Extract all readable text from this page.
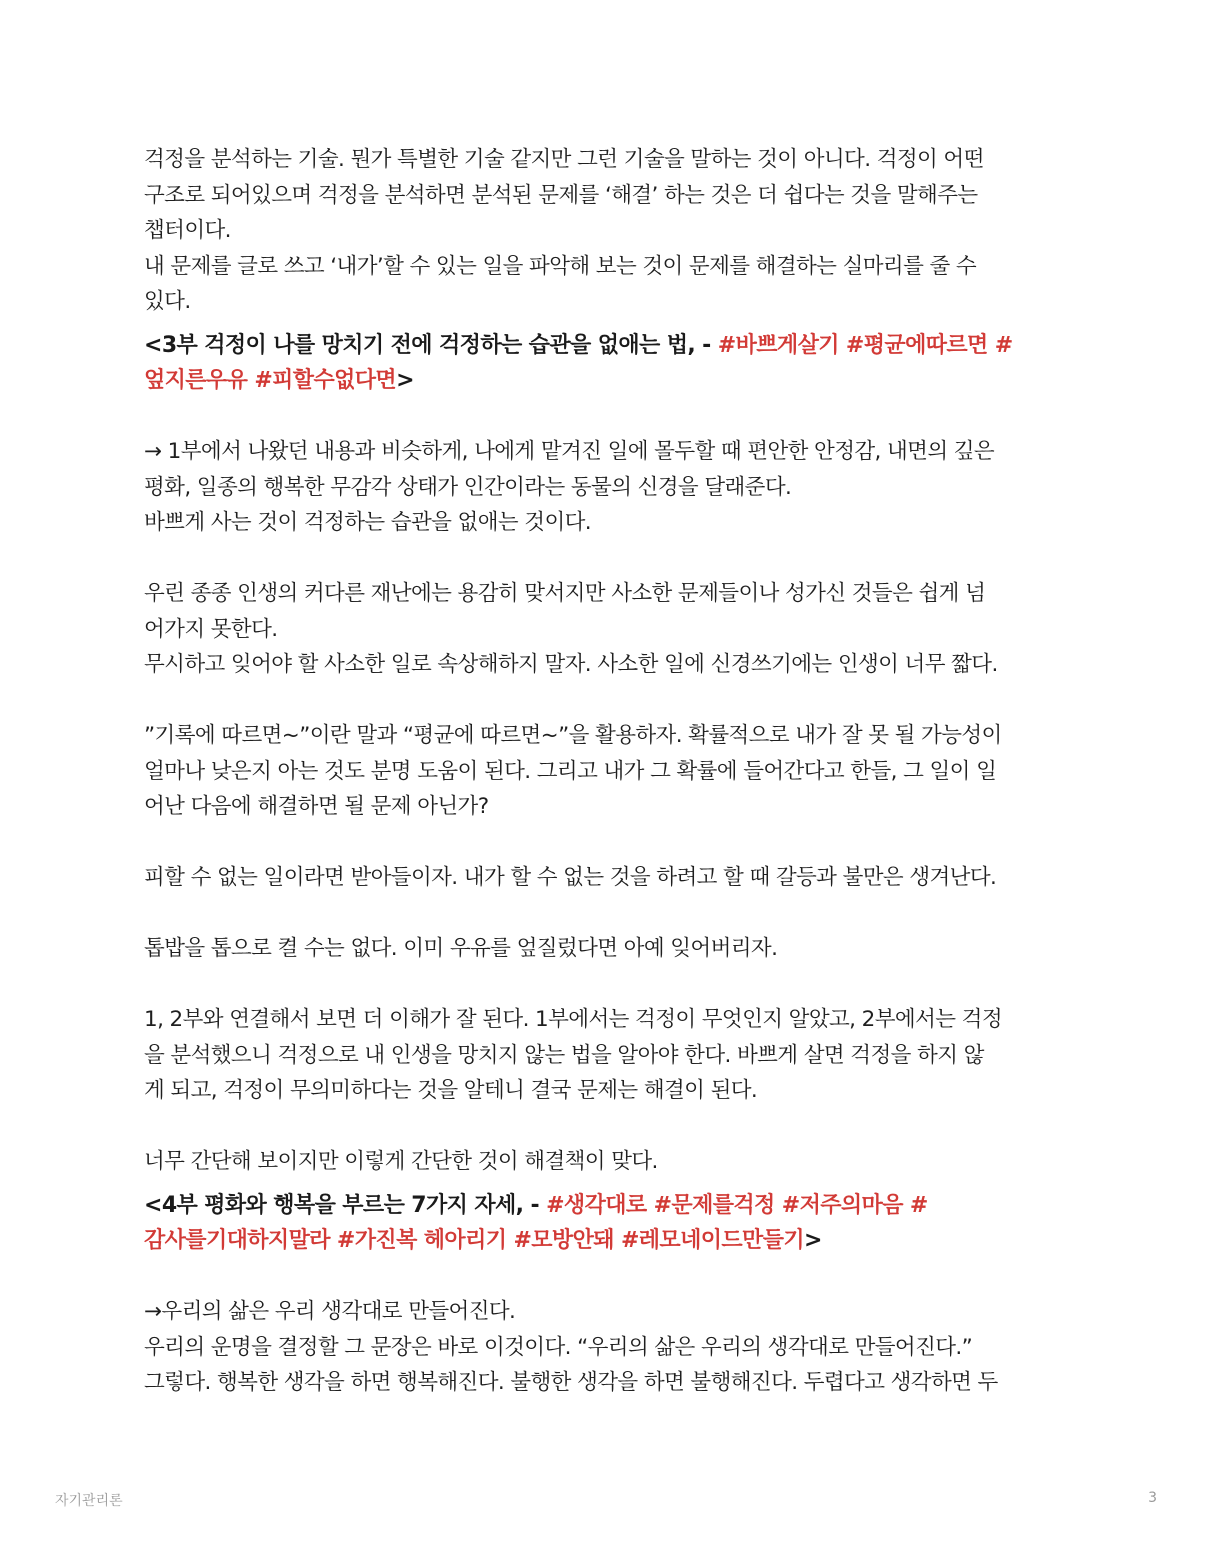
걱정을 분석하는 기술. 뭔가 특별한 기술 같지만 그런 기술을 말하는 것이 아니다. 걱정이 어떤
구조로 되어있으며 걱정을 분석하면 분석된 문제를 ‘해결’ 하는 것은 더 쉽다는 것을 말해주는
챕터이다.
내 문제를 글로 쓰고 ‘내가’할 수 있는 일을 파악해 보는 것이 문제를 해결하는 실마리를 줄 수
있다.

<3부 걱정이 나를 망치기 전에 걱정하는 습관을 없애는 법, - #바쁘게살기 #평균에따르면 #엎지른우유 #피할수없다면>

→ 1부에서 나왔던 내용과 비슷하게, 나에게 맡겨진 일에 몰두할 때 편안한 안정감, 내면의 깊은
평화, 일종의 행복한 무감각 상태가 인간이라는 동물의 신경을 달래준다.
바쁘게 사는 것이 걱정하는 습관을 없애는 것이다.

우린 종종 인생의 커다른 재난에는 용감히 맞서지만 사소한 문제들이나 성가신 것들은 쉽게 넘
어가지 못한다.
무시하고 잊어야 할 사소한 일로 속상해하지 말자. 사소한 일에 신경쓰기에는 인생이 너무 짧다.

”기록에 따르면~”이란 말과 “평균에 따르면~”을 활용하자. 확률적으로 내가 잘 못 될 가능성이
얼마나 낮은지 아는 것도 분명 도움이 된다. 그리고 내가 그 확률에 들어간다고 한들, 그 일이 일
어난 다음에 해결하면 될 문제 아닌가?

피할 수 없는 일이라면 받아들이자. 내가 할 수 없는 것을 하려고 할 때 갈등과 불만은 생겨난다.

톱밥을 톱으로 켤 수는 없다. 이미 우유를 엎질렀다면 아예 잊어버리자.

1, 2부와 연결해서 보면 더 이해가 잘 된다. 1부에서는 걱정이 무엇인지 알았고, 2부에서는 걱정
을 분석했으니 걱정으로 내 인생을 망치지 않는 법을 알아야 한다. 바쁘게 살면 걱정을 하지 않
게 되고, 걱정이 무의미하다는 것을 알테니 결국 문제는 해결이 된다.

너무 간단해 보이지만 이렇게 간단한 것이 해결책이 맞다.

<4부 평화와 행복을 부르는 7가지 자세, - #생각대로 #문제를걱정 #저주의마음 #감사를기대하지말라 #가진복 헤아리기 #모방안돼 #레모네이드만들기>

→우리의 삶은 우리 생각대로 만들어진다.
우리의 운명을 결정할 그 문장은 바로 이것이다. “우리의 삶은 우리의 생각대로 만들어진다.”
그렇다. 행복한 생각을 하면 행복해진다. 불행한 생각을 하면 불행해진다. 두렵다고 생각하면 두

자기관리론	3
